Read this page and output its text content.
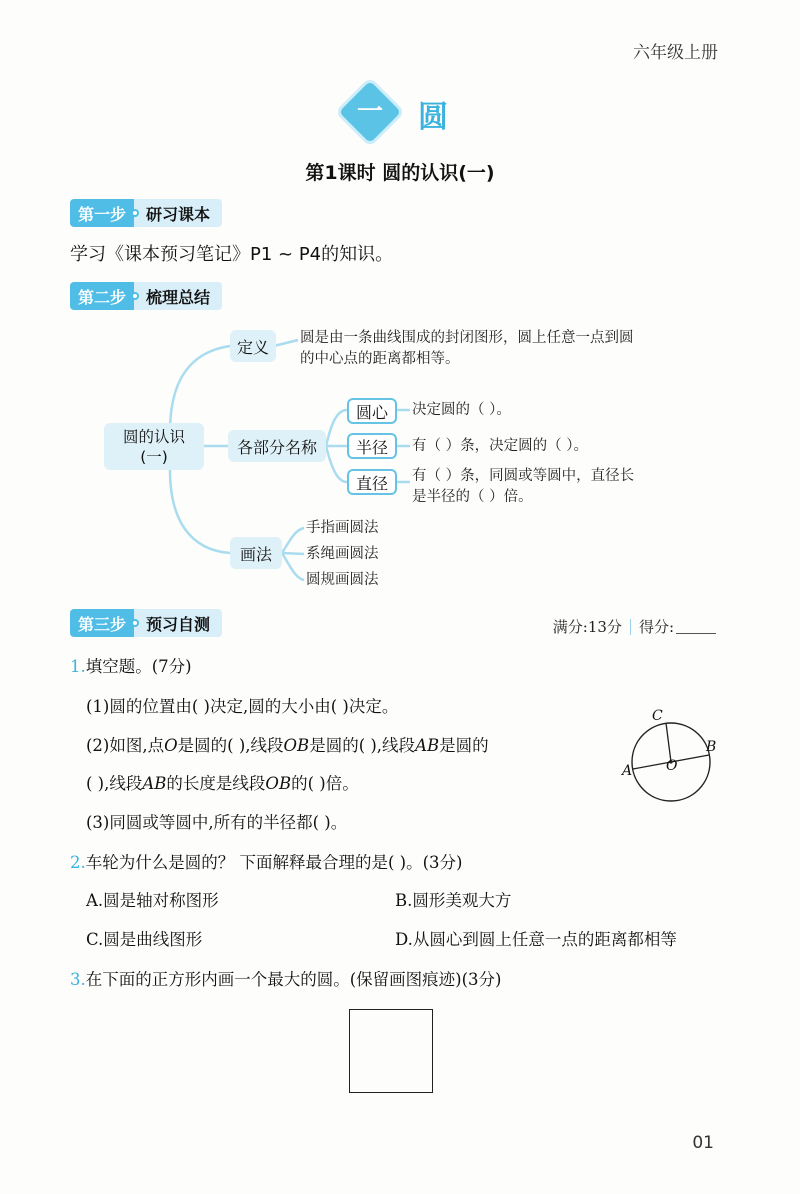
六年级上册
一	圆
第1课时 圆的认识(一)
第一步	研习课本
学习《课本预习笔记》P1 ~ P4的知识。
第二步	梳理总结
圆的认识
(一)
定义	圆是由一条曲线围成的封闭图形，圆上任意一点到圆
的中心点的距离都相等。
各部分名称
圆心	决定圆的（ ）。
半径	有（ ）条，决定圆的（ ）。
直径	有（ ）条，同圆或等圆中，直径长
是半径的（ ）倍。
画法
手指画圆法
系绳画圆法
圆规画圆法
第三步	预习自测	满分:13分 得分:
1.填空题。(7分)
(1)圆的位置由( )决定,圆的大小由( )决定。
(2)如图,点O是圆的( ),线段OB是圆的( ),线段AB是圆的
( ),线段AB的长度是线段OB的( )倍。
(3)同圆或等圆中,所有的半径都( )。
A
B
C
O
2.车轮为什么是圆的？ 下面解释最合理的是( )。(3分)
A.圆是轴对称图形	B.圆形美观大方
C.圆是曲线图形	D.从圆心到圆上任意一点的距离都相等
3.在下面的正方形内画一个最大的圆。(保留画图痕迹)(3分)
01
